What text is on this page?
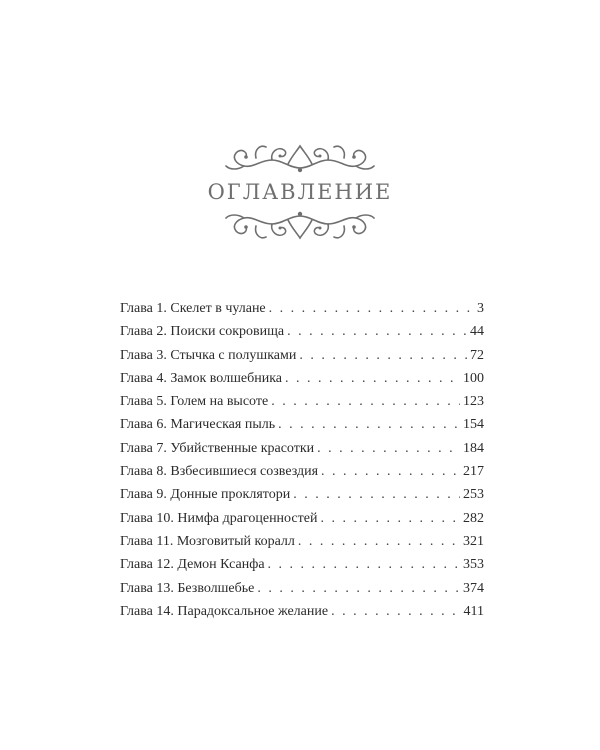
ОГЛАВЛЕНИЕ
Глава 1. Скелет в чулане . . .	3
Глава 2. Поиски сокровища . . .	44
Глава 3. Стычка с полушками . . .	72
Глава 4. Замок волшебника . . .	100
Глава 5. Голем на высоте . . .	123
Глава 6. Магическая пыль . . .	154
Глава 7. Убийственные красотки . . .	184
Глава 8. Взбесившиеся созвездия . . .	217
Глава 9. Донные проклятори . . .	253
Глава 10. Нимфа драгоценностей . . .	282
Глава 11. Мозговитый коралл . . .	321
Глава 12. Демон Ксанфа . . .	353
Глава 13. Безволшебье . . .	374
Глава 14. Парадоксальное желание . . .	411
